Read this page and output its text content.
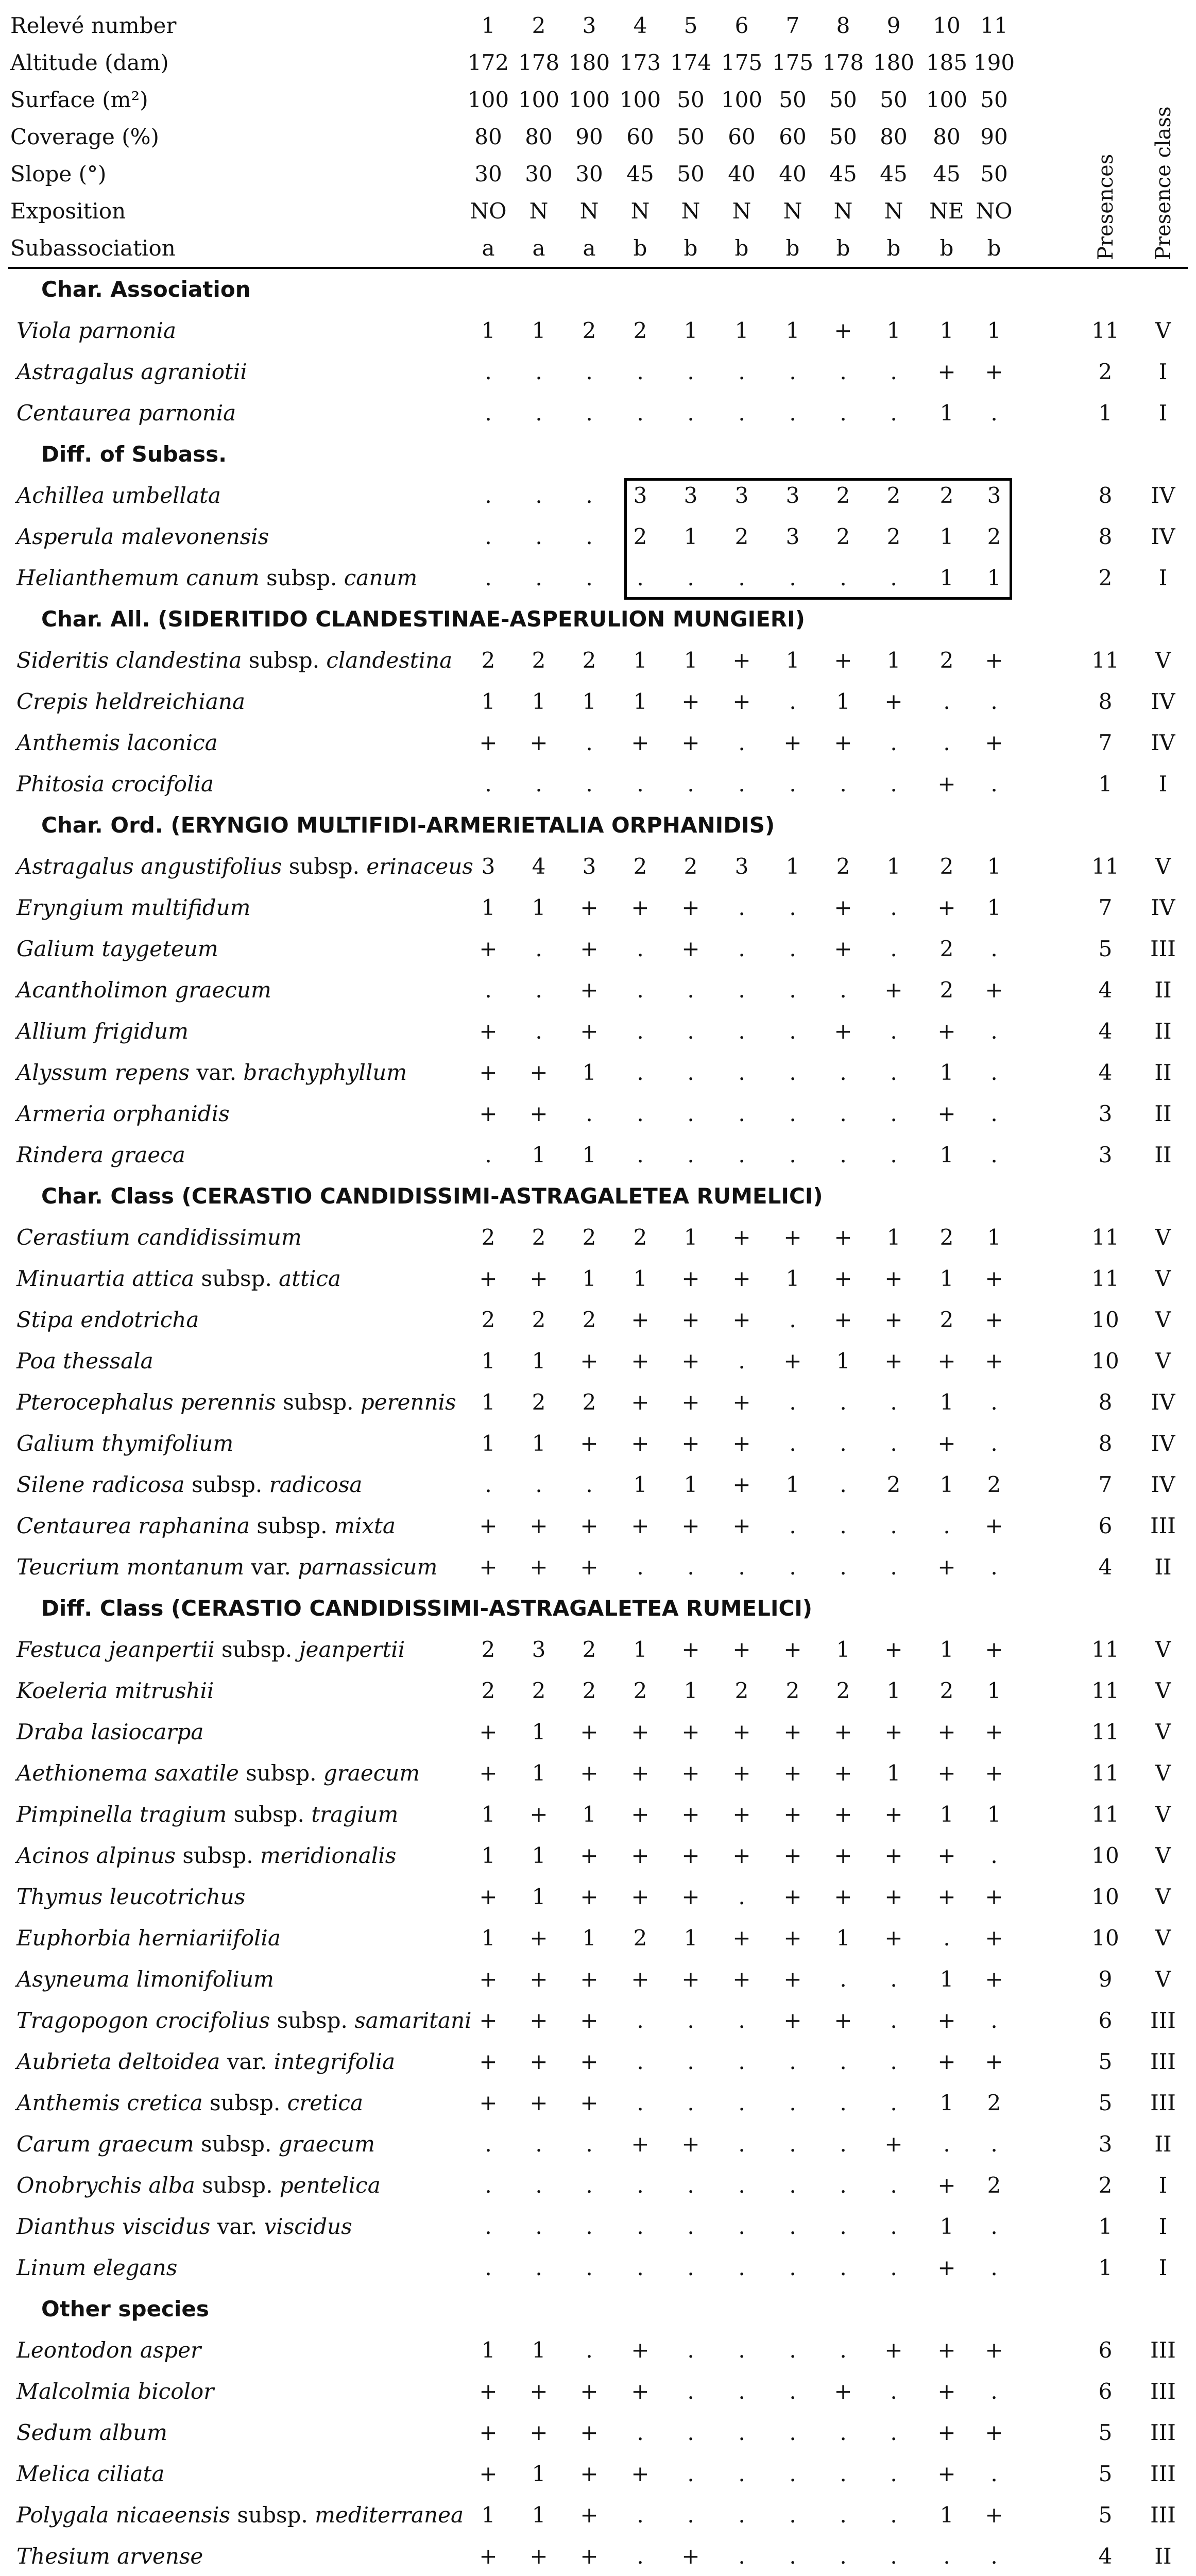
Relevé number	1	2	3	4	5	6	7	8	9	10 11
Altitude (dam)	172 178 180 173 174 175 175 178 180 185 190
Surface (m²)	100 100 100 100 50 100 50	50	50 100 50
Coverage (%)	80	80	90	60	50	60	60	50	80	80 90
Slope (°)	30	30	30	45	50	40	40	45	45	45 50
Exposition	NO	N	N	N	N	N	N	N	N	NE NO
Subassociation	a	a	a	b	b	b	b	b	b	b	b	Presences Presence class
Char. Association
Viola parnonia	1	1	2	2	1	1	1	+	1	1	1	11	V
Astragalus agraniotii	.	.	.	.	.	.	.	.	.	+	+	2	I
Centaurea parnonia	.	.	.	.	.	.	.	.	.	1	.	1	I
Diff. of Subass.
Achillea umbellata	.	.	.	3	3	3	3	2	2	2	3	8	IV
Asperula malevonensis	.	.	.	2	1	2	3	2	2	1	2	8	IV
Helianthemum canum subsp. canum	.	.	.	.	.	.	.	.	.	1	1	2	I
Char. All. (SIDERITIDO CLANDESTINAE-ASPERULION MUNGIERI)
Sideritis clandestina subsp. clandestina	2	2	2	1	1	+	1	+	1	2	+	11	V
Crepis heldreichiana	1	1	1	1	+	+	.	1	+	.	.	8	IV
Anthemis laconica	+	+	.	+	+	.	+	+	.	.	+	7	IV
Phitosia crocifolia	.	.	.	.	.	.	.	.	.	+	.	1	I
Char. Ord. (ERYNGIO MULTIFIDI-ARMERIETALIA ORPHANIDIS)
Astragalus angustifolius subsp. erinaceus 3	4	3	2	2	3	1	2	1	2	1	11	V
Eryngium multifidum	1	1	+	+	+	.	.	+	.	+	1	7	IV
Galium taygeteum	+	.	+	.	+	.	.	+	.	2	.	5	III
Acantholimon graecum	.	.	+	.	.	.	.	.	+	2	+	4	II
Allium frigidum	+	.	+	.	.	.	.	+	.	+	.	4	II
Alyssum repens var. brachyphyllum	+	+	1	.	.	.	.	.	.	1	.	4	II
Armeria orphanidis	+	+	.	.	.	.	.	.	.	+	.	3	II
Rindera graeca	.	1	1	.	.	.	.	.	.	1	.	3	II
Char. Class (CERASTIO CANDIDISSIMI-ASTRAGALETEA RUMELICI)
Cerastium candidissimum	2	2	2	2	1	+	+	+	1	2	1	11	V
Minuartia attica subsp. attica	+	+	1	1	+	+	1	+	+	1	+	11	V
Stipa endotricha	2	2	2	+	+	+	.	+	+	2	+	10	V
Poa thessala	1	1	+	+	+	.	+	1	+	+	+	10	V
Pterocephalus perennis subsp. perennis	1	2	2	+	+	+	.	.	.	1	.	8	IV
Galium thymifolium	1	1	+	+	+	+	.	.	.	+	.	8	IV
Silene radicosa subsp. radicosa	.	.	.	1	1	+	1	.	2	1	2	7	IV
Centaurea raphanina subsp. mixta	+	+	+	+	+	+	.	.	.	.	+	6	III
Teucrium montanum var. parnassicum	+	+	+	.	.	.	.	.	.	+	.	4	II
Diff. Class (CERASTIO CANDIDISSIMI-ASTRAGALETEA RUMELICI)
Festuca jeanpertii subsp. jeanpertii	2	3	2	1	+	+	+	1	+	1	+	11	V
Koeleria mitrushii	2	2	2	2	1	2	2	2	1	2	1	11	V
Draba lasiocarpa	+	1	+	+	+	+	+	+	+	+	+	11	V
Aethionema saxatile subsp. graecum	+	1	+	+	+	+	+	+	1	+	+	11	V
Pimpinella tragium subsp. tragium	1	+	1	+	+	+	+	+	+	1	1	11	V
Acinos alpinus subsp. meridionalis	1	1	+	+	+	+	+	+	+	+	.	10	V
Thymus leucotrichus	+	1	+	+	+	.	+	+	+	+	+	10	V
Euphorbia herniariifolia	1	+	1	2	1	+	+	1	+	.	+	10	V
Asyneuma limonifolium	+	+	+	+	+	+	+	.	.	1	+	9	V
Tragopogon crocifolius subsp. samaritani +	+	+	.	.	.	+	+	.	+	.	6	III
Aubrieta deltoidea var. integrifolia	+	+	+	.	.	.	.	.	.	+	+	5	III
Anthemis cretica subsp. cretica	+	+	+	.	.	.	.	.	.	1	2	5	III
Carum graecum subsp. graecum	.	.	.	+	+	.	.	.	+	.	.	3	II
Onobrychis alba subsp. pentelica	.	.	.	.	.	.	.	.	.	+	2	2	I
Dianthus viscidus var. viscidus	.	.	.	.	.	.	.	.	.	1	.	1	I
Linum elegans	.	.	.	.	.	.	.	.	.	+	.	1	I
Other species
Leontodon asper	1	1	.	+	.	.	.	.	+	+	+	6	III
Malcolmia bicolor	+	+	+	+	.	.	.	+	.	+	.	6	III
Sedum album	+	+	+	.	.	.	.	.	.	+	+	5	III
Melica ciliata	+	1	+	+	.	.	.	.	.	+	.	5	III
Polygala nicaeensis subsp. mediterranea 1	1	+	.	.	.	.	.	.	1	+	5	III
Thesium arvense	+	+	+	.	+	.	.	.	.	.	.	4	II
